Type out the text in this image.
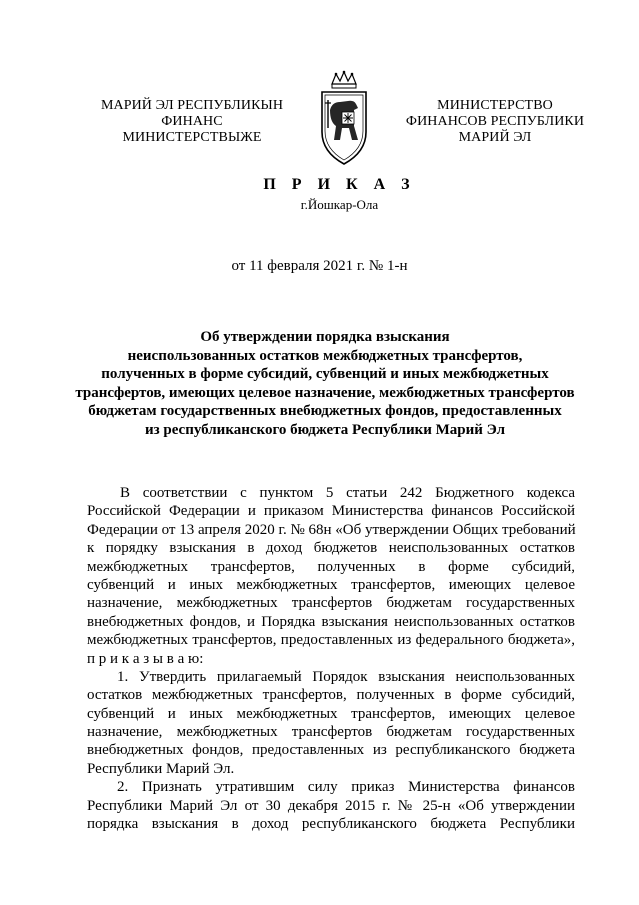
МАРИЙ ЭЛ РЕСПУБЛИКЫН
ФИНАНС
МИНИСТЕРСТВЫЖЕ
МИНИСТЕРСТВО
ФИНАНСОВ РЕСПУБЛИКИ
МАРИЙ ЭЛ
П Р И К А З
г.Йошкар-Ола
от 11 февраля 2021 г. № 1-н
Об утверждении порядка взыскания
неиспользованных остатков межбюджетных трансфертов,
полученных в форме субсидий, субвенций и иных межбюджетных
трансфертов, имеющих целевое назначение, межбюджетных трансфертов
бюджетам государственных внебюджетных фондов, предоставленных
из республиканского бюджета Республики Марий Эл
В соответствии с пунктом 5 статьи 242 Бюджетного кодекса
Российской Федерации и приказом Министерства финансов Российской
Федерации от 13 апреля 2020 г. № 68н «Об утверждении Общих требований
к порядку взыскания в доход бюджетов неиспользованных остатков
межбюджетных трансфертов, полученных в форме субсидий,
субвенций и иных межбюджетных трансфертов, имеющих целевое
назначение, межбюджетных трансфертов бюджетам государственных
внебюджетных фондов, и Порядка взыскания неиспользованных остатков
межбюджетных трансфертов, предоставленных из федерального бюджета»,
п р и к а з ы в а ю:
1. Утвердить прилагаемый Порядок взыскания неиспользованных
остатков межбюджетных трансфертов, полученных в форме субсидий,
субвенций и иных межбюджетных трансфертов, имеющих целевое
назначение, межбюджетных трансфертов бюджетам государственных
внебюджетных фондов, предоставленных из республиканского бюджета
Республики Марий Эл.
2. Признать утратившим силу приказ Министерства финансов
Республики Марий Эл от 30 декабря 2015 г. № 25-н «Об утверждении
порядка взыскания в доход республиканского бюджета Республики
